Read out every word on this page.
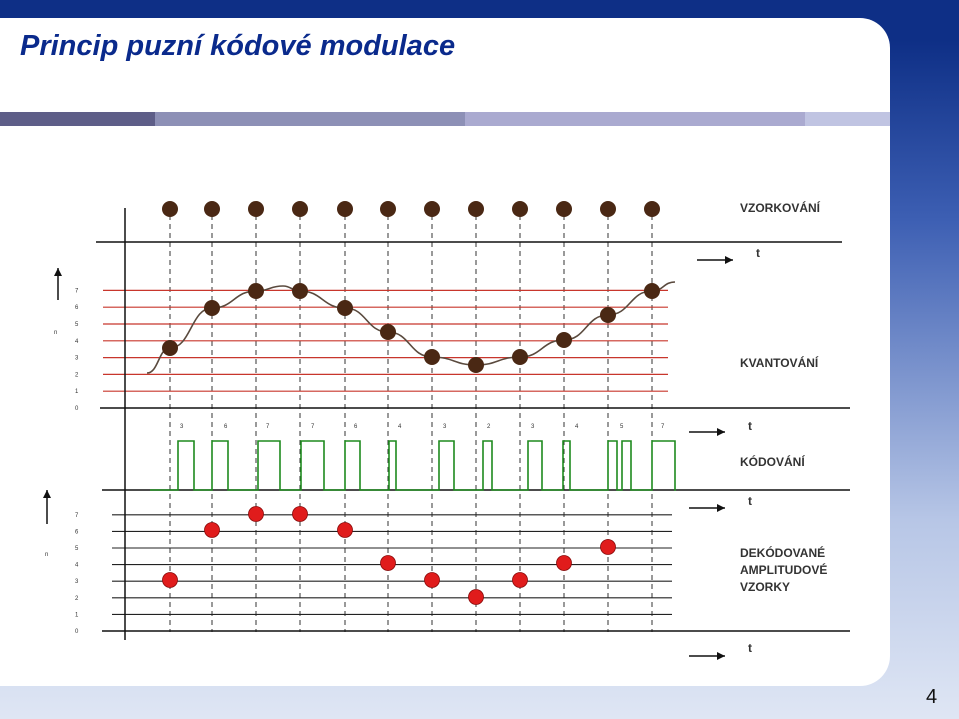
Princip puzní kódové modulace
VZORKOVÁNÍ
KVANTOVÁNÍ
KÓDOVÁNÍ
DEKÓDOVANÉ
AMPLITUDOVÉ
VZORKY
t
t
t
t
n
n
0
0
1
1
2
2
3
3
4
4
5
5
6
6
7
7
3	6	7	7	6	4	3	2	3	4	5	7
4
